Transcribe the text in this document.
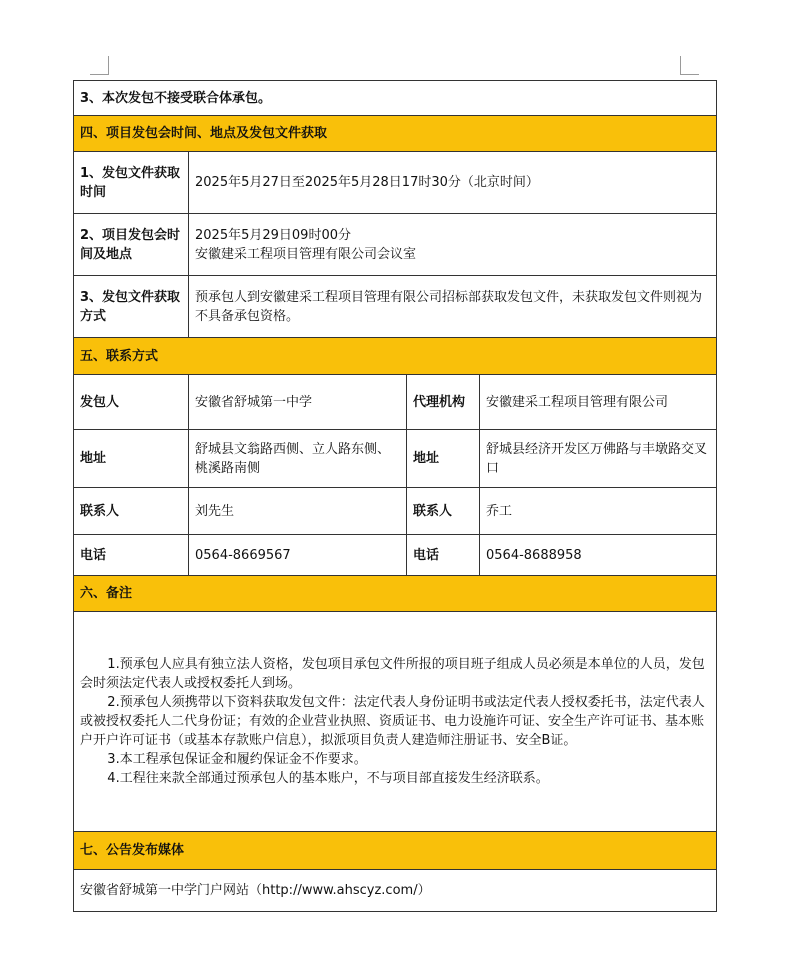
3、本次发包不接受联合体承包。			
四、项目发包会时间、地点及发包文件获取			
1、发包文件获取时间	2025年5月27日至2025年5月28日17时30分（北京时间）		

2、项目发包会时间及地点	2025年5月29日09时00分
安徽建采工程项目管理有限公司会议室		

3、发包文件获取方式	预承包人到安徽建采工程项目管理有限公司招标部获取发包文件，未获取发包文件则视为不具备承包资格。		

五、联系方式			
发包人	安徽省舒城第一中学	代理机构	安徽建采工程项目管理有限公司
地址	舒城县文翁路西侧、立人路东侧、桃溪路南侧	地址	舒城县经济开发区万佛路与丰墩路交叉口
联系人	刘先生	联系人	乔工
电话	0564-8669567	电话	0564-8688958
六、备注			

1.预承包人应具有独立法人资格，发包项目承包文件所报的项目班子组成人员必须是本单位的人员，发包会时须法定代表人或授权委托人到场。
2.预承包人须携带以下资料获取发包文件：法定代表人身份证明书或法定代表人授权委托书，法定代表人或被授权委托人二代身份证；有效的企业营业执照、资质证书、电力设施许可证、安全生产许可证书、基本账户开户许可证书（或基本存款账户信息），拟派项目负责人建造师注册证书、安全B证。
3.本工程承包保证金和履约保证金不作要求。
4.工程往来款全部通过预承包人的基本账户，不与项目部直接发生经济联系。			

七、公告发布媒体			
安徽省舒城第一中学门户网站（http://www.ahscyz.com/）			
